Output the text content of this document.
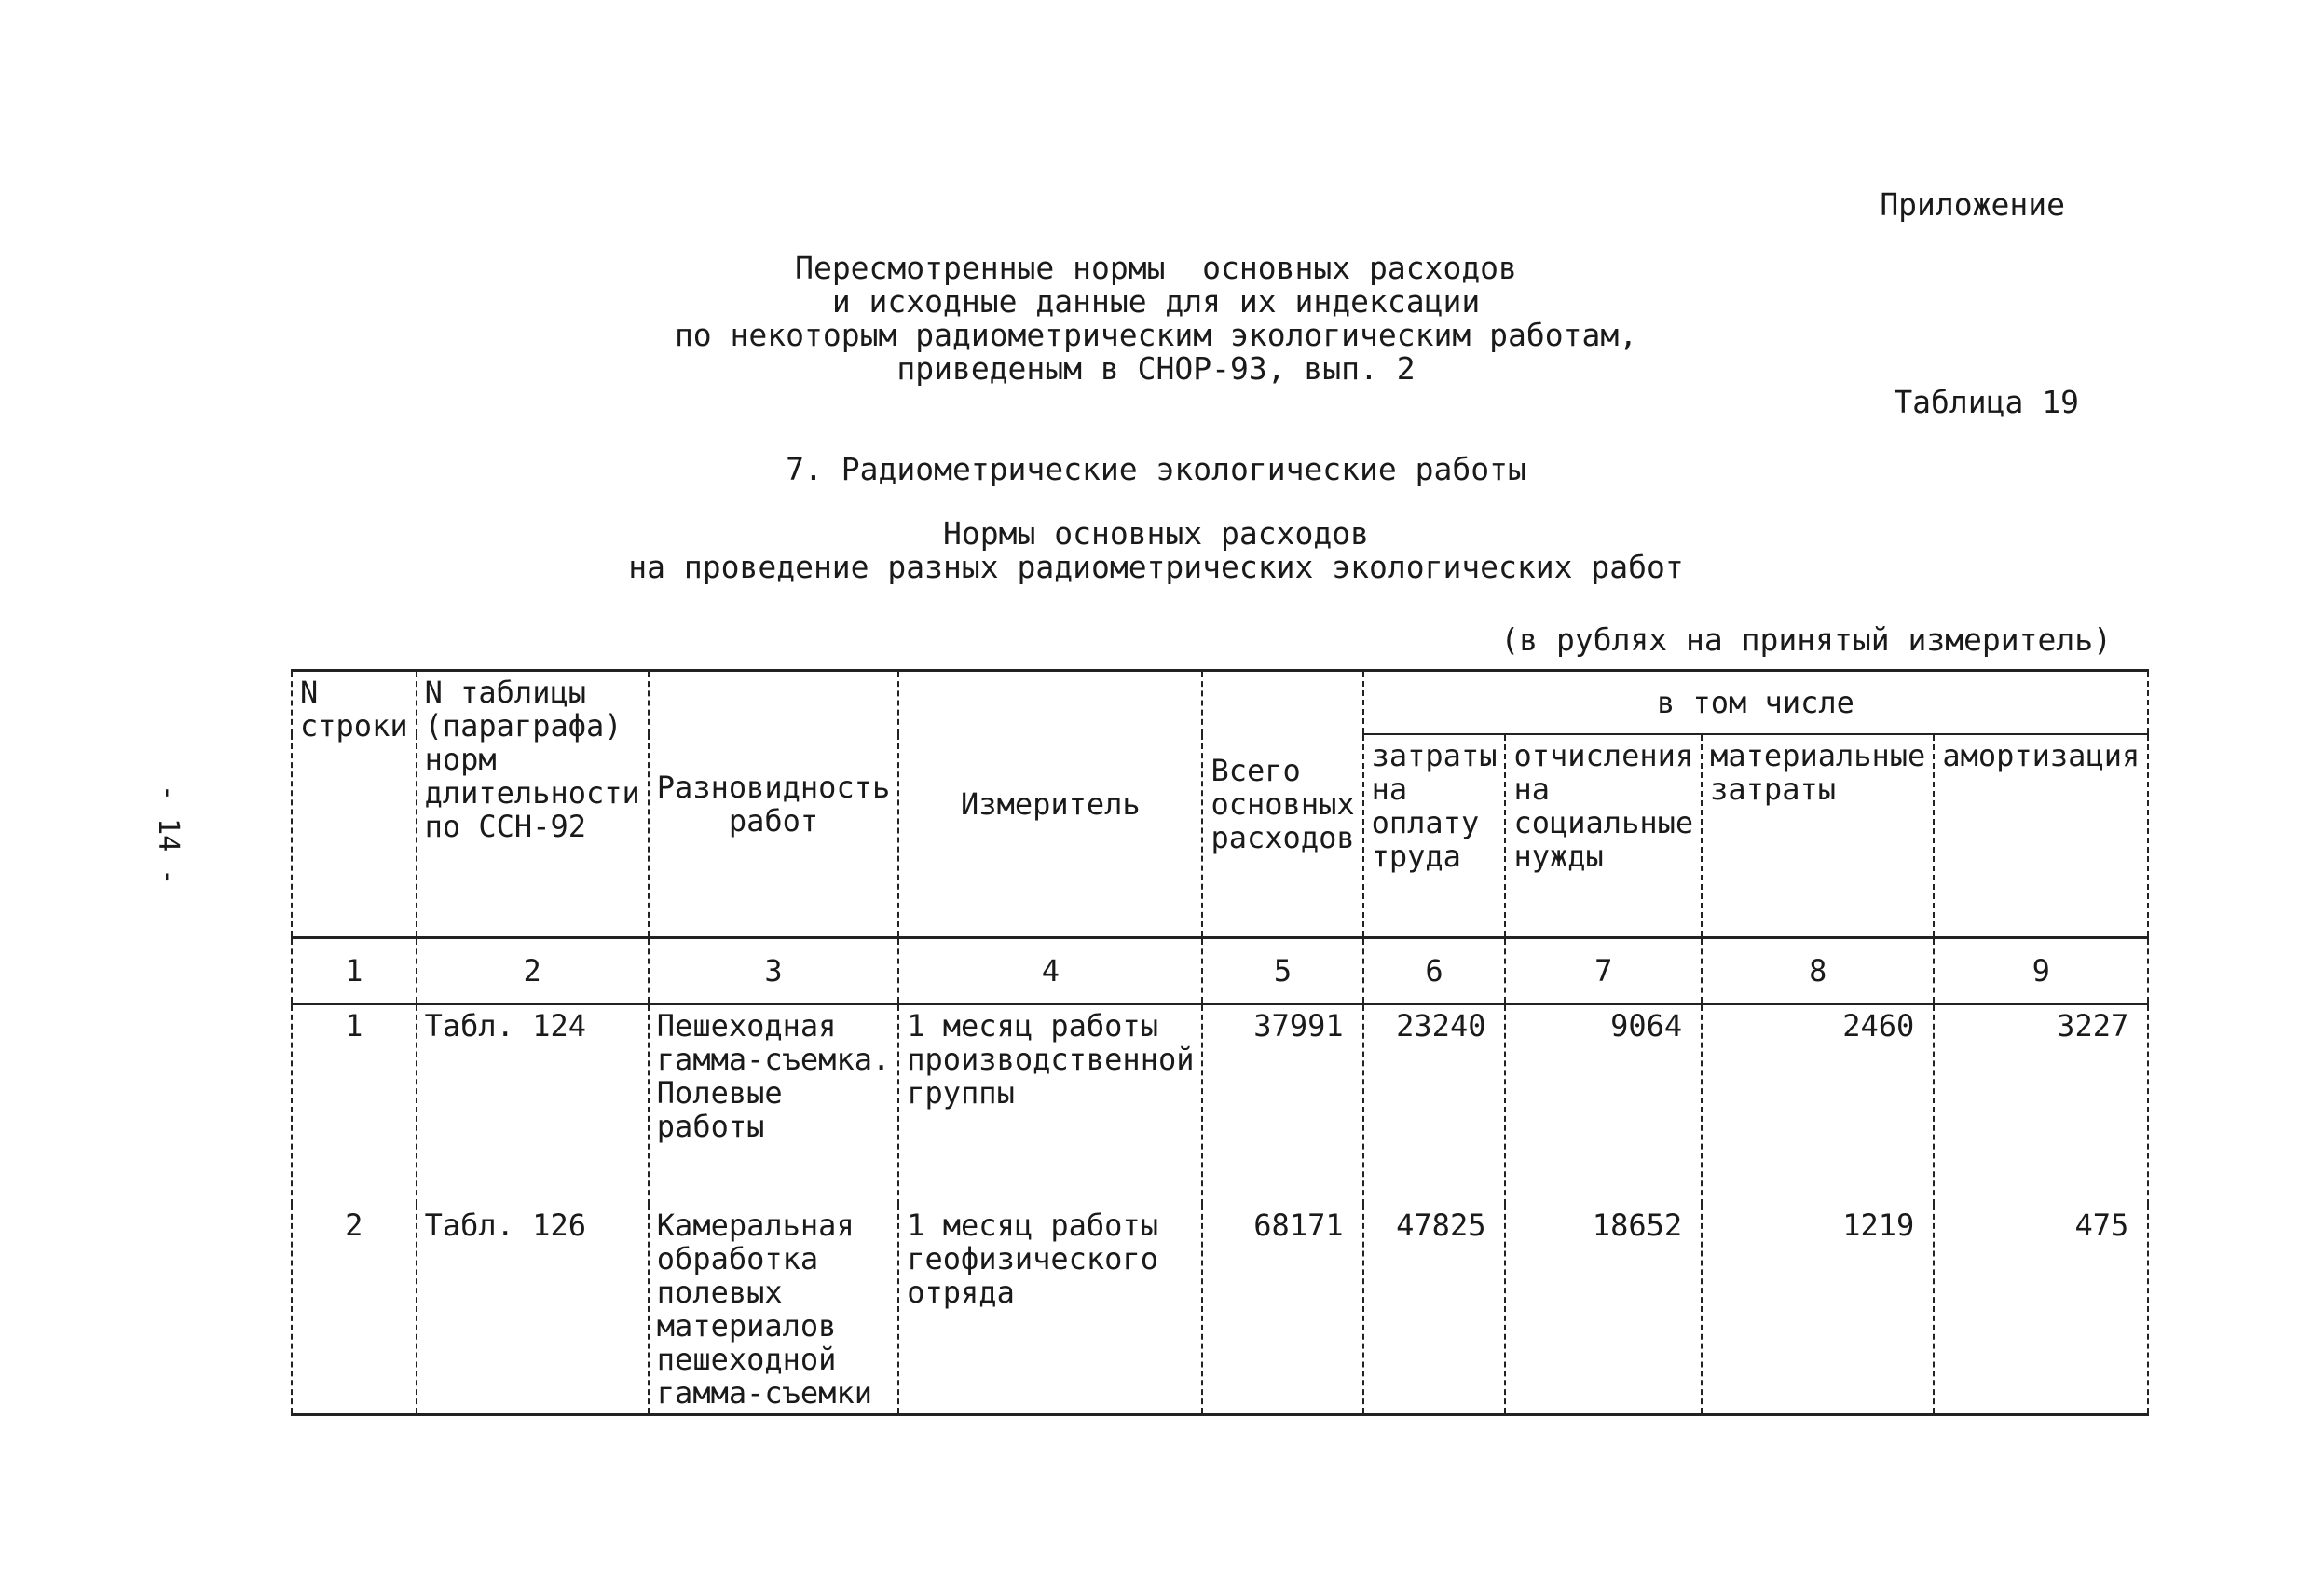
Приложение
Пересмотренные нормы  основных расходов
и исходные данные для их индексации
по некоторым радиометрическим экологическим работам,
приведеным в СНОР-93, вып. 2
Таблица 19
7. Радиометрические экологические работы
Нормы основных расходов
на проведение разных радиометрических экологических работ
(в рублях на принятый измеритель)
- 14 -
N строки	N таблицы (параграфа) норм длительности по ССН-92	Разновидность работ	Измеритель	Всего основных расходов	в том числе			
					затраты на оплату труда	отчисления на социальные нужды	материальные затраты	амортизация
1	2	3	4	5	6	7	8	9
1	Табл. 124	Пешеходная гамма-съемка. Полевые работы	1 месяц работы производственной группы	37991	23240	9064	2460	3227
2	Табл. 126	Камеральная обработка полевых материалов пешеходной гамма-съемки	1 месяц работы геофизического отряда	68171	47825	18652	1219	475
